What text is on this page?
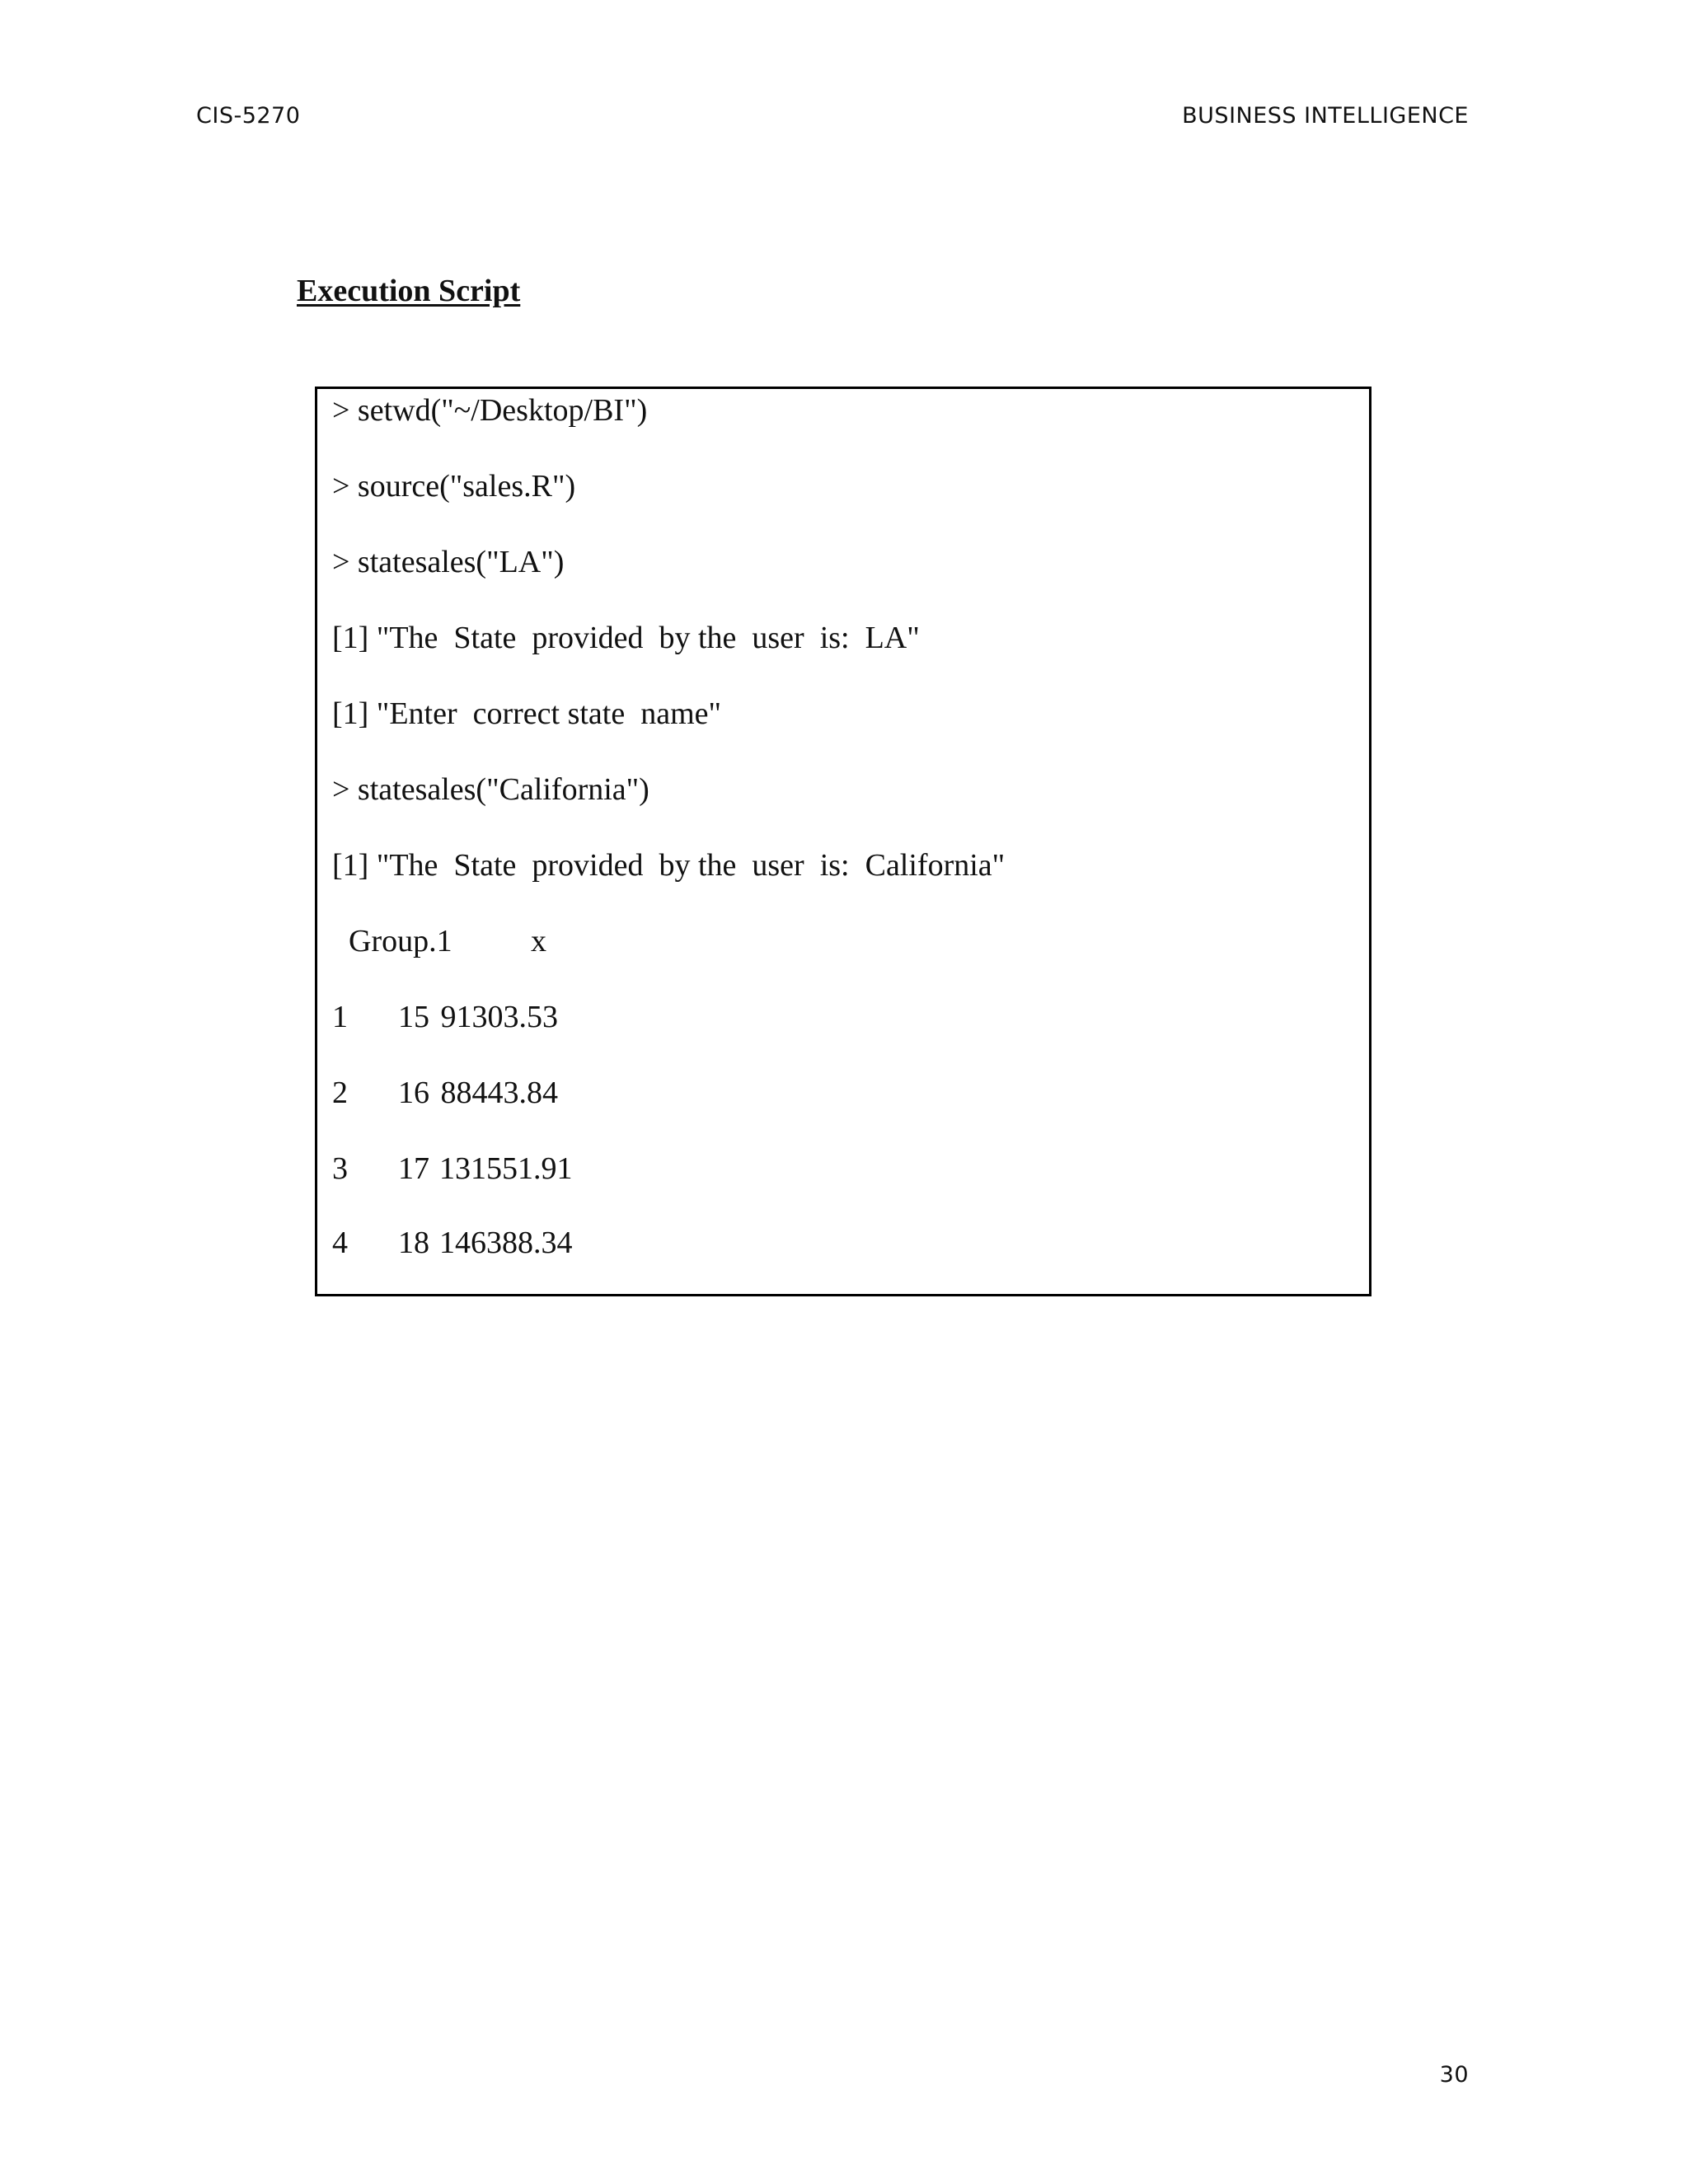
CIS-5270	BUSINESS INTELLIGENCE
Execution Script
> setwd("~/Desktop/BI")
> source("sales.R")
> statesales("LA")
[1] "The  State  provided  by the  user  is:  LA"
[1] "Enter  correct state  name"
> statesales("California")
[1] "The  State  provided  by the  user  is:  California"
Group.1	x
1 15 91303.53
2 16 88443.84
3 17 131551.91
4 18 146388.34
30
